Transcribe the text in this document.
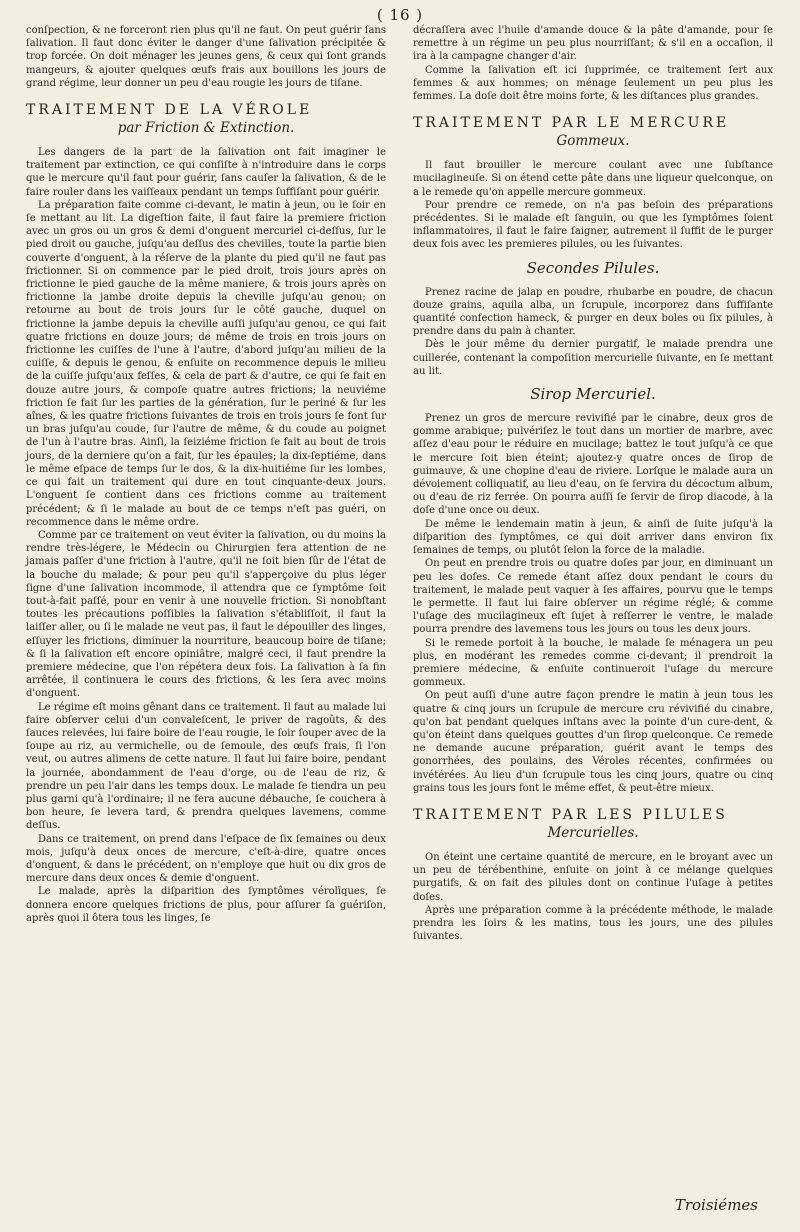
( 16 )

conſpection, & ne forceront rien plus qu'il ne faut. On peut guérir ſans ſalivation. Il faut donc éviter le danger d'une ſalivation précipitée & trop forcée. On doit ménager les jeunes gens, & ceux qui ſont grands mangeurs, & ajouter quelques œufs frais aux bouillons les jours de grand régime, leur donner un peu d'eau rougie les jours de tiſane.

TRAITEMENT DE LA VÉROLE
par Friction & Extinction.

Les dangers de la part de la ſalivation ont fait imaginer le traitement par extinction, ce qui conſiſte à n'introduire dans le corps que le mercure qu'il faut pour guérir, ſans cauſer la ſalivation, & de le faire rouler dans les vaiſſeaux pendant un temps ſuffiſant pour guérir.

La préparation faite comme ci-devant, le matin à jeun, ou le ſoir en ſe mettant au lit. La digeſtion faite, il faut faire la premiere friction avec un gros ou un gros & demi d'onguent mercuriel ci-deſſus, ſur le pied droit ou gauche, juſqu'au deſſus des chevilles, toute la partie bien couverte d'onguent, à la réſerve de la plante du pied qu'il ne faut pas frictionner. Si on commence par le pied droit, trois jours après on frictionne le pied gauche de la même maniere, & trois jours après on frictionne la jambe droite depuis la cheville juſqu'au genou; on retourne au bout de trois jours ſur le côté gauche, duquel on frictionne la jambe depuis la cheville auſſi juſqu'au genou, ce qui fait quatre frictions en douze jours; de même de trois en trois jours on frictionne les cuiſſes de l'une à l'autre, d'abord juſqu'au milieu de la cuiſſe, & depuis le genou, & enſuite on recommence depuis le milieu de la cuiſſe juſqu'aux feſſes, & cela de part & d'autre, ce qui ſe fait en douze autre jours, & compoſe quatre autres frictions; la neuviéme friction ſe fait ſur les parties de la génération, ſur le periné & ſur les aînes, & les quatre frictions ſuivantes de trois en trois jours ſe font ſur un bras juſqu'au coude, ſur l'autre de même, & du coude au poignet de l'un à l'autre bras. Ainſi, la ſeiziéme friction ſe fait au bout de trois jours, de la derniere qu'on a fait, ſur les épaules; la dix-ſeptiéme, dans le même eſpace de temps ſur le dos, & la dix-huitiéme ſur les lombes, ce qui fait un traitement qui dure en tout cinquante-deux jours. L'onguent ſe contient dans ces frictions comme au traitement précédent; & ſi le malade au bout de ce temps n'eſt pas guéri, on recommence dans le même ordre.

Comme par ce traitement on veut éviter la ſalivation, ou du moins la rendre très-légere, le Médecin ou Chirurgien fera attention de ne jamais paſſer d'une friction à l'autre, qu'il ne ſoit bien ſûr de l'état de la bouche du malade; & pour peu qu'il s'apperçoive du plus léger ſigne d'une ſalivation incommode, il attendra que ce ſymptôme ſoit tout-à-fait paſſé, pour en venir à une nouvelle friction. Si nonobſtant toutes les précautions poſſibles la ſalivation s'établiſſoit, il faut la laiſſer aller, ou ſi le malade ne veut pas, il faut le dépouiller des linges, eſſuyer les frictions, diminuer la nourriture, beaucoup boire de tiſane; & ſi la ſalivation eſt encore opiniâtre, malgré ceci, il faut prendre la premiere médecine, que l'on répétera deux fois. La ſalivation à ſa fin arrêtée, il continuera le cours des frictions, & les ſera avec moins d'onguent.

Le régime eſt moins gênant dans ce traitement. Il faut au malade lui faire obſerver celui d'un convaleſcent, le priver de ragoûts, & des ſauces relevées, lui faire boire de l'eau rougie, le ſoir ſouper avec de la ſoupe au riz, au vermichelle, ou de ſemoule, des œufs frais, ſi l'on veut, ou autres alimens de cette nature. Il faut lui faire boire, pendant la journée, abondamment de l'eau d'orge, ou de l'eau de riz, & prendre un peu l'air dans les temps doux. Le malade ſe tiendra un peu plus garni qu'à l'ordinaire; il ne fera aucune débauche, ſe couchera à bon heure, ſe levera tard, & prendra quelques lavemens, comme deſſus.

Dans ce traitement, on prend dans l'eſpace de ſix ſemaines ou deux mois, juſqu'à deux onces de mercure, c'eſt-à-dire, quatre onces d'onguent, & dans le précédent, on n'employe que huit ou dix gros de mercure dans deux onces & demie d'onguent.

Le malade, après la diſparition des ſymptômes vérolīques, ſe donnera encore quelques frictions de plus, pour aſſurer ſa guériſon, après quoi il ôtera tous les linges, ſe

décraſſera avec l'huile d'amande douce & la pâte d'amande, pour ſe remettre à un régime un peu plus nourriſſant; & s'il en a occaſion, il ira à la campagne changer d'air.

Comme la ſalivation eſt ici ſupprimée, ce traitement ſert aux femmes & aux hommes; on ménage ſeulement un peu plus les femmes. La doſe doit être moins forte, & les diſtances plus grandes.

TRAITEMENT PAR LE MERCURE
Gommeux.

Il faut brouiller le mercure coulant avec une ſubſtance mucilagineuſe. Si on étend cette pâte dans une liqueur quelconque, on a le remede qu'on appelle mercure gommeux.

Pour prendre ce remede, on n'a pas beſoin des préparations précédentes. Si le malade eſt ſanguin, ou que les ſymptômes ſoient inflammatoires, il faut le faire ſaigner, autrement il ſuffit de le purger deux fois avec les premieres pilules, ou les ſuivantes.

Secondes Pilules.

Prenez racine de jalap en poudre, rhubarbe en poudre, de chacun douze grains, aquila alba, un ſcrupule, incorporez dans ſuffiſante quantité confection hameck, & purger en deux boles ou ſix pilules, à prendre dans du pain à chanter.

Dès le jour même du dernier purgatif, le malade prendra une cuillerée, contenant la compoſition mercurielle ſuivante, en ſe mettant au lit.

Sirop Mercuriel.

Prenez un gros de mercure revivifié par le cinabre, deux gros de gomme arabique; pulvériſez le tout dans un mortier de marbre, avec aſſez d'eau pour le réduire en mucilage; battez le tout juſqu'à ce que le mercure ſoit bien éteint; ajoutez-y quatre onces de ſirop de guimauve, & une chopine d'eau de riviere. Lorſque le malade aura un dévoiement colliquatif, au lieu d'eau, on ſe ſervira du décoctum album, ou d'eau de riz ferrée. On pourra auſſi ſe ſervir de ſirop diacode, à la doſe d'une once ou deux.

De même le lendemain matin à jeun, & ainſi de ſuite juſqu'à la diſparition des ſymptômes, ce qui doit arriver dans environ ſix ſemaines de temps, ou plutôt ſelon la force de la maladie.

On peut en prendre trois ou quatre doſes par jour, en diminuant un peu les doſes. Ce remede étant aſſez doux pendant le cours du traitement, le malade peut vaquer à ſes affaires, pourvu que le temps le permette. Il faut lui faire obſerver un régime réglé; & comme l'uſage des mucilagineux eſt ſujet à reſſerrer le ventre, le malade pourra prendre des lavemens tous les jours ou tous les deux jours.

Si le remede portoit à la bouche, le malade ſe ménagera un peu plus, en modérant les remedes comme ci-devant; il prendroit la premiere médecine, & enſuite continueroit l'uſage du mercure gommeux.

On peut auſſi d'une autre façon prendre le matin à jeun tous les quatre & cinq jours un ſcrupule de mercure cru révivifié du cinabre, qu'on bat pendant quelques inſtans avec la pointe d'un cure-dent, & qu'on éteint dans quelques gouttes d'un ſirop quelconque. Ce remede ne demande aucune préparation, guérit avant le temps des gonorrhées, des poulains, des Véroles récentes, confirmées ou invétérées. Au lieu d'un ſcrupule tous les cinq jours, quatre ou cinq grains tous les jours font le même effet, & peut-être mieux.

TRAITEMENT PAR LES PILULES
Mercurielles.

On éteint une certaine quantité de mercure, en le broyant avec un un peu de térébenthine, enſuite on joint à ce mélange quelques purgatifs, & on fait des pilules dont on continue l'uſage à petites doſes.

Après une préparation comme à la précédente méthode, le malade prendra les ſoirs & les matins, tous les jours, une des pilules ſuivantes.

Troisiémes
